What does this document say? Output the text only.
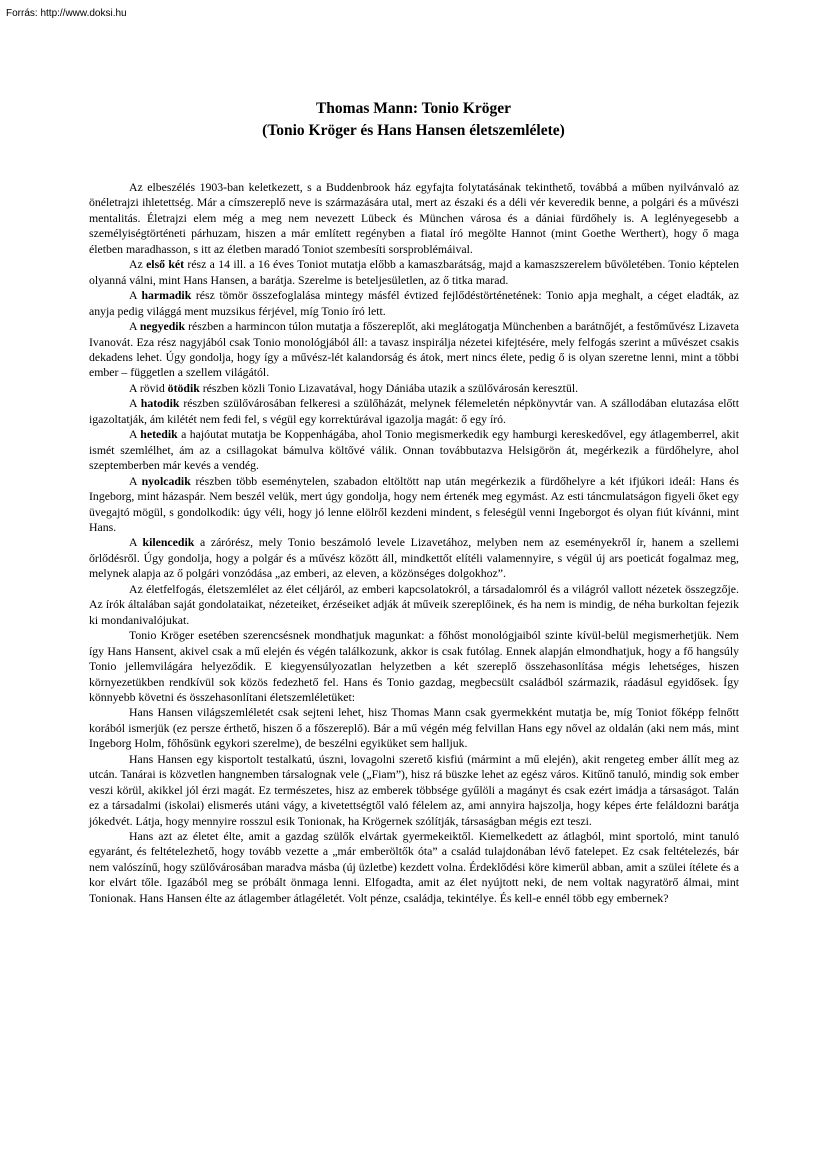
Forrás: http://www.doksi.hu
Thomas Mann: Tonio Kröger
(Tonio Kröger és Hans Hansen életszemlélete)

Az elbeszélés 1903-ban keletkezett, s a Buddenbrook ház egyfajta folytatásának tekinthető, továbbá a műben nyilvánvaló az önéletrajzi ihletettség. Már a címszereplő neve is származására utal, mert az északi és a déli vér keveredik benne, a polgári és a művészi mentalitás. Életrajzi elem még a meg nem nevezett Lübeck és München városa és a dániai fürdőhely is. A leglényegesebb a személyiségtörténeti párhuzam, hiszen a már említett regényben a fiatal író megölte Hannot (mint Goethe Werthert), hogy ő maga életben maradhasson, s itt az életben maradó Toniot szembesíti sorsproblémáival.

Az első két rész a 14 ill. a 16 éves Toniot mutatja előbb a kamaszbarátság, majd a kamaszszerelem bűvöletében. Tonio képtelen olyanná válni, mint Hans Hansen, a barátja. Szerelme is beteljesületlen, az ő titka marad.

A harmadik rész tömör összefoglalása mintegy másfél évtized fejlődéstörténetének: Tonio apja meghalt, a céget eladták, az anyja pedig világgá ment muzsikus férjével, míg Tonio író lett.

A negyedik részben a harmincon túlon mutatja a főszereplőt, aki meglátogatja Münchenben a barátnőjét, a festőművész Lizaveta Ivanovát. Eza rész nagyjából csak Tonio monológjából áll: a tavasz inspirálja nézetei kifejtésére, mely felfogás szerint a művészet csakis dekadens lehet. Úgy gondolja, hogy így a művész-lét kalandorság és átok, mert nincs élete, pedig ő is olyan szeretne lenni, mint a többi ember – független a szellem világától.

A rövid ötödik részben közli Tonio Lizavatával, hogy Dániába utazik a szülővárosán keresztül.

A hatodik részben szülővárosában felkeresi a szülőházát, melynek félemeletén népkönyvtár van. A szállodában elutazása előtt igazoltatják, ám kilétét nem fedi fel, s végül egy korrektúrával igazolja magát: ő egy író.

A hetedik a hajóutat mutatja be Koppenhágába, ahol Tonio megismerkedik egy hamburgi kereskedővel, egy átlagemberrel, akit ismét szemlélhet, ám az a csillagokat bámulva költővé válik. Onnan továbbutazva Helsigörön át, megérkezik a fürdőhelyre, ahol szeptemberben már kevés a vendég.

A nyolcadik részben több eseménytelen, szabadon eltöltött nap után megérkezik a fürdőhelyre a két ifjúkori ideál: Hans és Ingeborg, mint házaspár. Nem beszél velük, mert úgy gondolja, hogy nem értenék meg egymást. Az esti táncmulatságon figyeli őket egy üvegajtó mögül, s gondolkodik: úgy véli, hogy jó lenne elölről kezdeni mindent, s feleségül venni Ingeborgot és olyan fiút kívánni, mint Hans.

A kilencedik a zárórész, mely Tonio beszámoló levele Lizavetához, melyben nem az eseményekről ír, hanem a szellemi őrlődésről. Úgy gondolja, hogy a polgár és a művész között áll, mindkettőt elítéli valamennyire, s végül új ars poeticát fogalmaz meg, melynek alapja az ő polgári vonzódása „az emberi, az eleven, a közönséges dolgokhoz”.

Az életfelfogás, életszemlélet az élet céljáról, az emberi kapcsolatokról, a társadalomról és a világról vallott nézetek összegzője. Az írók általában saját gondolataikat, nézeteiket, érzéseiket adják át műveik szereplőinek, és ha nem is mindig, de néha burkoltan fejezik ki mondanivalójukat.

Tonio Kröger esetében szerencsésnek mondhatjuk magunkat: a főhőst monológjaiból szinte kívül-belül megismerhetjük. Nem így Hans Hansent, akivel csak a mű elején és végén találkozunk, akkor is csak futólag. Ennek alapján elmondhatjuk, hogy a fő hangsúly Tonio jellemvilágára helyeződik. E kiegyensúlyozatlan helyzetben a két szereplő összehasonlítása mégis lehetséges, hiszen környezetükben rendkívül sok közös fedezhető fel. Hans és Tonio gazdag, megbecsült családból származik, ráadásul egyidősek. Így könnyebb követni és összehasonlítani életszemléletüket:

Hans Hansen világszemléletét csak sejteni lehet, hisz Thomas Mann csak gyermekként mutatja be, míg Toniot főképp felnőtt korából ismerjük (ez persze érthető, hiszen ő a főszereplő). Bár a mű végén még felvillan Hans egy nővel az oldalán (aki nem más, mint Ingeborg Holm, főhősünk egykori szerelme), de beszélni egyiküket sem halljuk.

Hans Hansen egy kisportolt testalkatú, úszni, lovagolni szerető kisfiú (mármint a mű elején), akit rengeteg ember állít meg az utcán. Tanárai is közvetlen hangnemben társalognak vele („Fiam”), hisz rá büszke lehet az egész város. Kitűnő tanuló, mindig sok ember veszi körül, akikkel jól érzi magát. Ez természetes, hisz az emberek többsége gyűlöli a magányt és csak ezért imádja a társaságot. Talán ez a társadalmi (iskolai) elismerés utáni vágy, a kivetettségtől való félelem az, ami annyira hajszolja, hogy képes érte feláldozni barátja jókedvét. Látja, hogy mennyire rosszul esik Tonionak, ha Krögernek szólítják, társaságban mégis ezt teszi.

Hans azt az életet élte, amit a gazdag szülők elvártak gyermekeiktől. Kiemelkedett az átlagból, mint sportoló, mint tanuló egyaránt, és feltételezhető, hogy tovább vezette a „már emberöltők óta” a család tulajdonában lévő fatelepet. Ez csak feltételezés, bár nem valószínű, hogy szülővárosában maradva másba (új üzletbe) kezdett volna. Érdeklődési köre kimerül abban, amit a szülei ítélete és a kor elvárt tőle. Igazából meg se próbált önmaga lenni. Elfogadta, amit az élet nyújtott neki, de nem voltak nagyratörő álmai, mint Tonionak. Hans Hansen élte az átlagember átlagéletét. Volt pénze, családja, tekintélye. És kell-e ennél több egy embernek?
